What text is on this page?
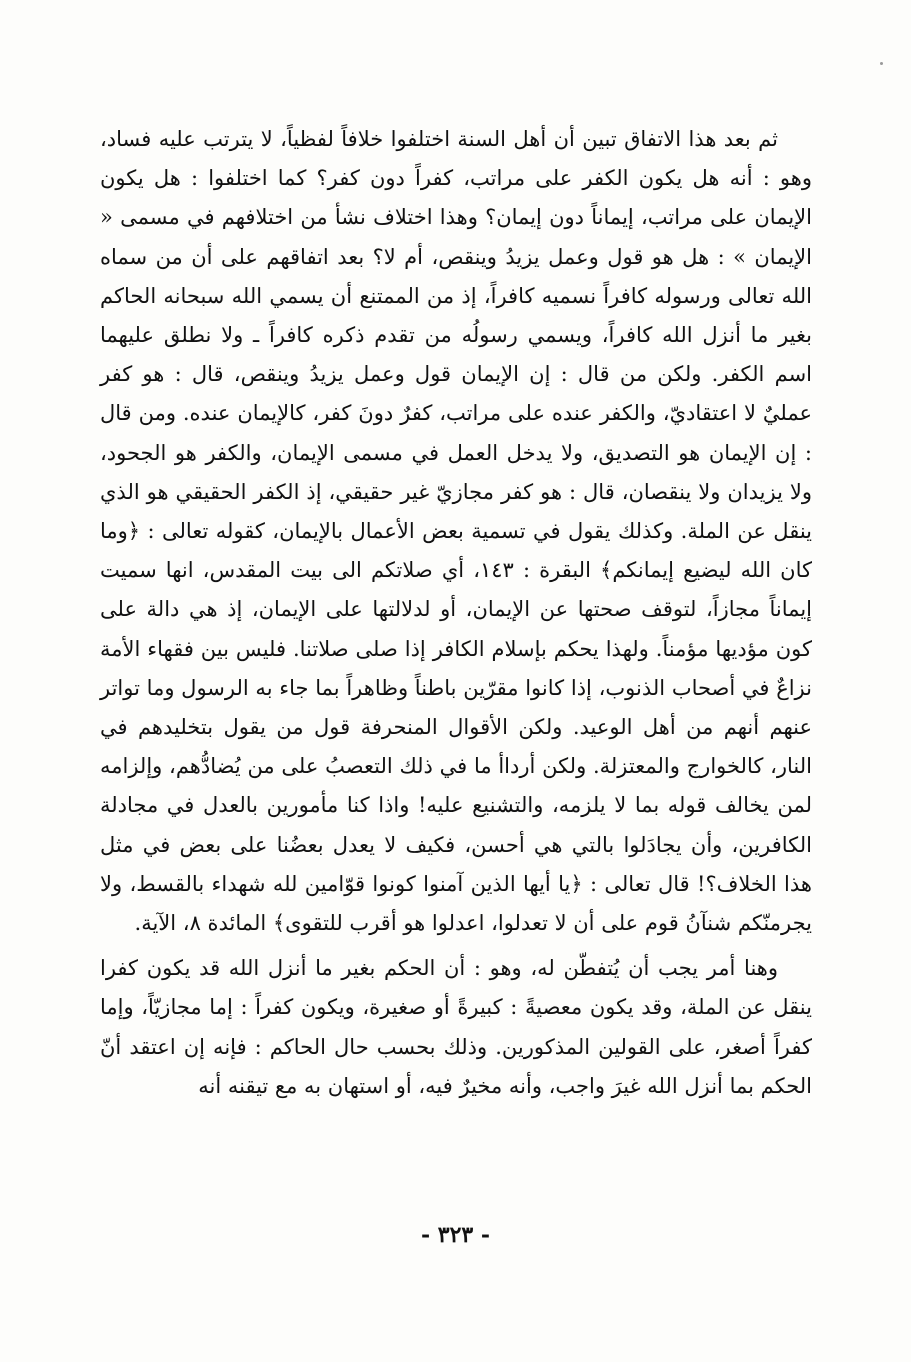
ثم بعد هذا الاتفاق تبين أن أهل السنة اختلفوا خلافاً لفظياً، لا يترتب عليه فساد، وهو : أنه هل يكون الكفر على مراتب، كفراً دون كفر؟ كما اختلفوا : هل يكون الإيمان على مراتب، إيماناً دون إيمان؟ وهذا اختلاف نشأ من اختلافهم في مسمى « الإيمان » : هل هو قول وعمل يزيدُ وينقص، أم لا؟ بعد اتفاقهم على أن من سماه الله تعالى ورسوله كافراً نسميه كافراً، إذ من الممتنع أن يسمي الله سبحانه الحاكم بغير ما أنزل الله كافراً، ويسمي رسولُه من تقدم ذكره كافراً ـ ولا نطلق عليهما اسم الكفر. ولكن من قال : إن الإيمان قول وعمل يزيدُ وينقص، قال : هو كفر عمليٌ لا اعتقاديّ، والكفر عنده على مراتب، كفرٌ دونَ كفر، كالإيمان عنده. ومن قال : إن الإيمان هو التصديق، ولا يدخل العمل في مسمى الإيمان، والكفر هو الجحود، ولا يزيدان ولا ينقصان، قال : هو كفر مجازيّ غير حقيقي، إذ الكفر الحقيقي هو الذي ينقل عن الملة. وكذلك يقول في تسمية بعض الأعمال بالإيمان، كقوله تعالى : ﴿وما كان الله ليضيع إيمانكم﴾ البقرة : ١٤٣، أي صلاتكم الى بيت المقدس، انها سميت إيماناً مجازاً، لتوقف صحتها عن الإيمان، أو لدلالتها على الإيمان، إذ هي دالة على كون مؤديها مؤمناً. ولهذا يحكم بإسلام الكافر إذا صلى صلاتنا. فليس بين فقهاء الأمة نزاعٌ في أصحاب الذنوب، إذا كانوا مقرّين باطناً وظاهراً بما جاء به الرسول وما تواتر عنهم أنهم من أهل الوعيد. ولكن الأقوال المنحرفة قول من يقول بتخليدهم في النار، كالخوارج والمعتزلة. ولكن أرداأ ما في ذلك التعصبُ على من يُضادُّهم، وإلزامه لمن يخالف قوله بما لا يلزمه، والتشنيع عليه! واذا كنا مأمورين بالعدل في مجادلة الكافرين، وأن يجادَلوا بالتي هي أحسن، فكيف لا يعدل بعضُنا على بعض في مثل هذا الخلاف؟! قال تعالى : ﴿يا أيها الذين آمنوا كونوا قوّامين لله شهداء بالقسط، ولا يجرمنّكم شنآنُ قوم على أن لا تعدلوا، اعدلوا هو أقرب للتقوى﴾ المائدة ٨، الآية.

وهنا أمر يجب أن يُتفطّن له، وهو : أن الحكم بغير ما أنزل الله قد يكون كفرا ينقل عن الملة، وقد يكون معصيةً : كبيرةً أو صغيرة، ويكون كفراً : إما مجازيّاً، وإما كفراً أصغر، على القولين المذكورين. وذلك بحسب حال الحاكم : فإنه إن اعتقد أنّ الحكم بما أنزل الله غيرَ واجب، وأنه مخيرٌ فيه، أو استهان به مع تيقنه أنه

- ٣٢٣ -
